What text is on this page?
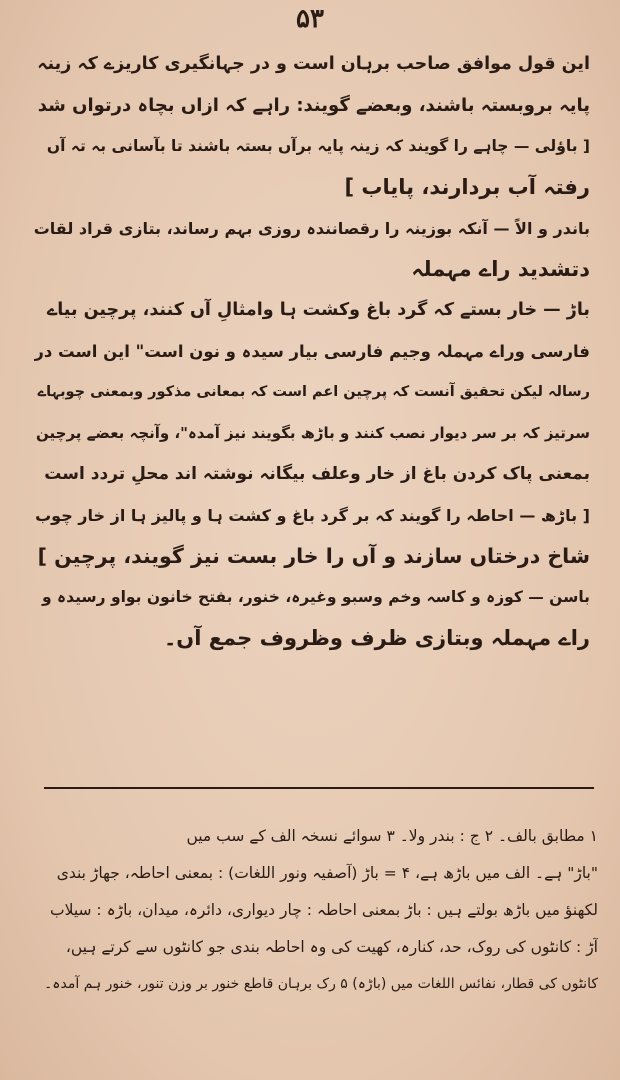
۵۳
این قول موافق صاحب برہان است و در جہانگیری کاریزے کہ زینہ
پایہ بروبستہ باشند، وبعضے گویند: راہے کہ ازاں بچاہ درتواں شد
[ باؤلی — چاہے را گویند کہ زینہ پایہ برآں بستہ باشند تا بآسانی بہ تہ آں
رفتہ آب بردارند، پایاب ]
باندر و الاً — آنکہ بوزینہ را رقصانندہ روزی بہم رساند، بتازی قراد لقات
دتشدید راے مہملہ
باڑ — خار بستے کہ گرد باغ وکشت ہا وامثالِ آں کنند، پرچین بیاے
فارسی وراے مہملہ وجیم فارسی بیار سیدہ و نون است" این است در
رسالہ لیکن تحقیق آنست کہ پرچین اعم است کہ بمعانی مذکور وبمعنی چوبہاے
سرتیز کہ بر سر دیوار نصب کنند و باڑھ بگویند نیز آمدہ"، وآنچہ بعضے پرچین
بمعنی پاک کردن باغ از خار وعلف بیگانہ نوشتہ اند محلِ تردد است
[ باڑھ — احاطہ را گویند کہ بر گرد باغ و کشت ہا و پالیز ہا از خار چوب
شاخ درختاں سازند و آں را خار بست نیز گویند، پرچین ]
باسن — کوزہ و کاسہ وخم وسبو وغیرہ، خنور، بفتح خانون بواو رسیدہ و
راے مہملہ وبتازی ظرف وظروف جمع آں۔
۱ مطابق بالف۔ ۲ ج : بندر ولا۔ ۳ سوائے نسخہ الف کے سب میں
"باڑ" ہے۔ الف میں باڑھ ہے، ۴ = باڑ (آصفیہ ونور اللغات) : بمعنی احاطہ، جھاڑ بندی
لکھنؤ میں باڑھ بولتے ہیں : باڑ بمعنی احاطہ : چار دیواری، دائرہ، میدان، باڑہ : سیلاب
آڑ : کانٹوں کی روک، حد، کنارہ، کھیت کی وہ احاطہ بندی جو کانٹوں سے کرتے ہیں،
کانٹوں کی قطار، نفائس اللغات میں (باڑہ) ۵ رک برہان قاطع خنور بر وزن تنور، خنور ہم آمدہ۔
